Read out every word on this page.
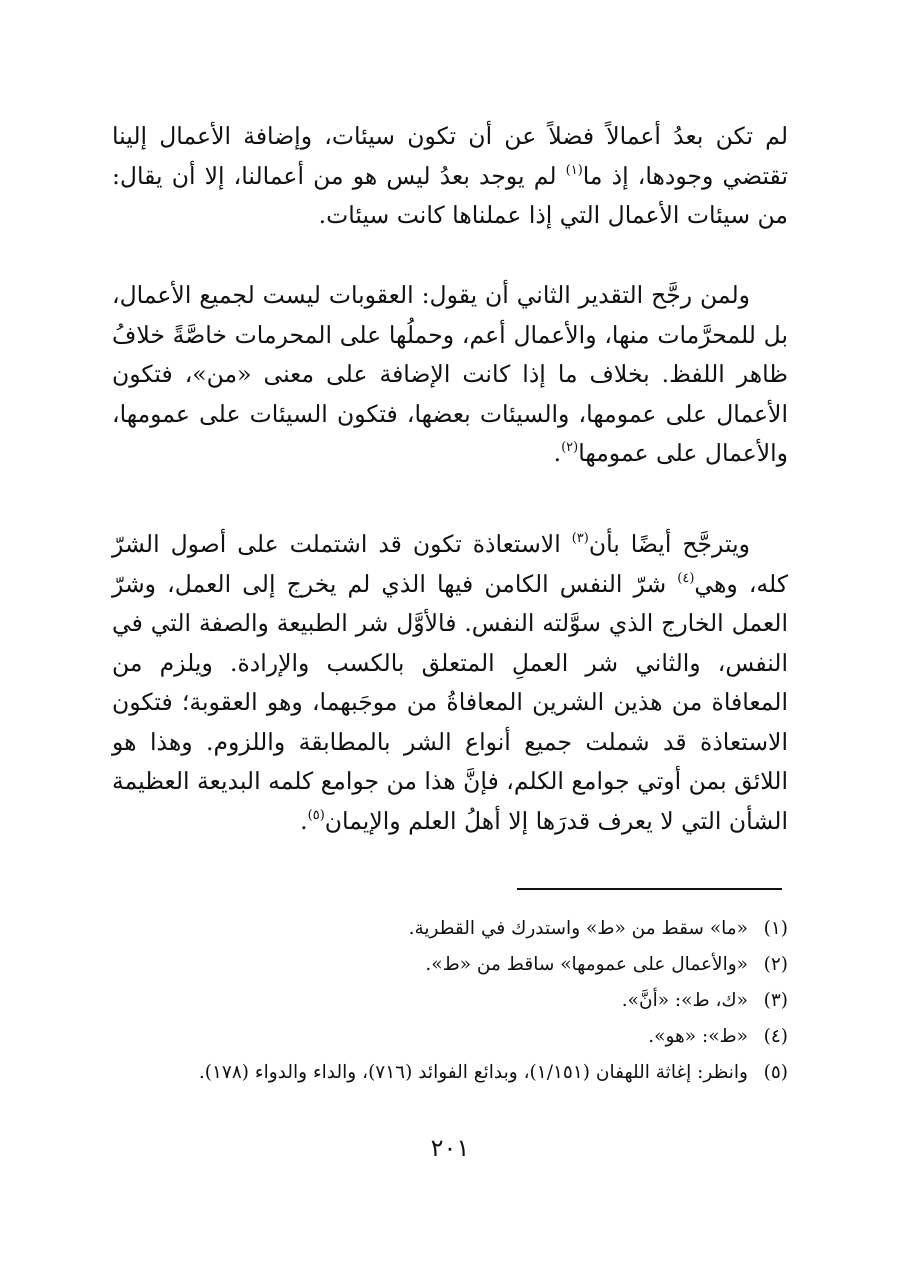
لم تكن بعدُ أعمالاً فضلاً عن أن تكون سيئات، وإضافة الأعمال إلينا تقتضي وجودها، إذ ما$^{(١)}$ لم يوجد بعدُ ليس هو من أعمالنا، إلا أن يقال: من سيئات الأعمال التي إذا عملناها كانت سيئات.

ولمن رجَّح التقدير الثاني أن يقول: العقوبات ليست لجميع الأعمال، بل للمحرَّمات منها، والأعمال أعم، وحملُها على المحرمات خاصَّةً خلافُ ظاهر اللفظ. بخلاف ما إذا كانت الإضافة على معنى «من»، فتكون الأعمال على عمومها، والسيئات بعضها، فتكون السيئات على عمومها، والأعمال على عمومها$^{(٢)}$.

ويترجَّح أيضًا بأن$^{(٣)}$ الاستعاذة تكون قد اشتملت على أصول الشرّ كله، وهي$^{(٤)}$ شرّ النفس الكامن فيها الذي لم يخرج إلى العمل، وشرّ العمل الخارج الذي سوَّلته النفس. فالأوَّل شر الطبيعة والصفة التي في النفس، والثاني شر العملِ المتعلق بالكسب والإرادة. ويلزم من المعافاة من هذين الشرين المعافاةُ من موجَبهما، وهو العقوبة؛ فتكون الاستعاذة قد شملت جميع أنواع الشر بالمطابقة واللزوم. وهذا هو اللائق بمن أوتي جوامع الكلم، فإنَّ هذا من جوامع كلمه البديعة العظيمة الشأن التي لا يعرف قدرَها إلا أهلُ العلم والإيمان$^{(٥)}$.

(١)
«ما» سقط من «ط» واستدرك في القطرية.
(٢)
«والأعمال على عمومها» ساقط من «ط».
(٣)
«ك، ط»: «أنَّ».
(٤)
«ط»: «هو».
(٥)
وانظر: إغاثة اللهفان (١/١٥١)، وبدائع الفوائد (٧١٦)، والداء والدواء (١٧٨).
٢٠١
